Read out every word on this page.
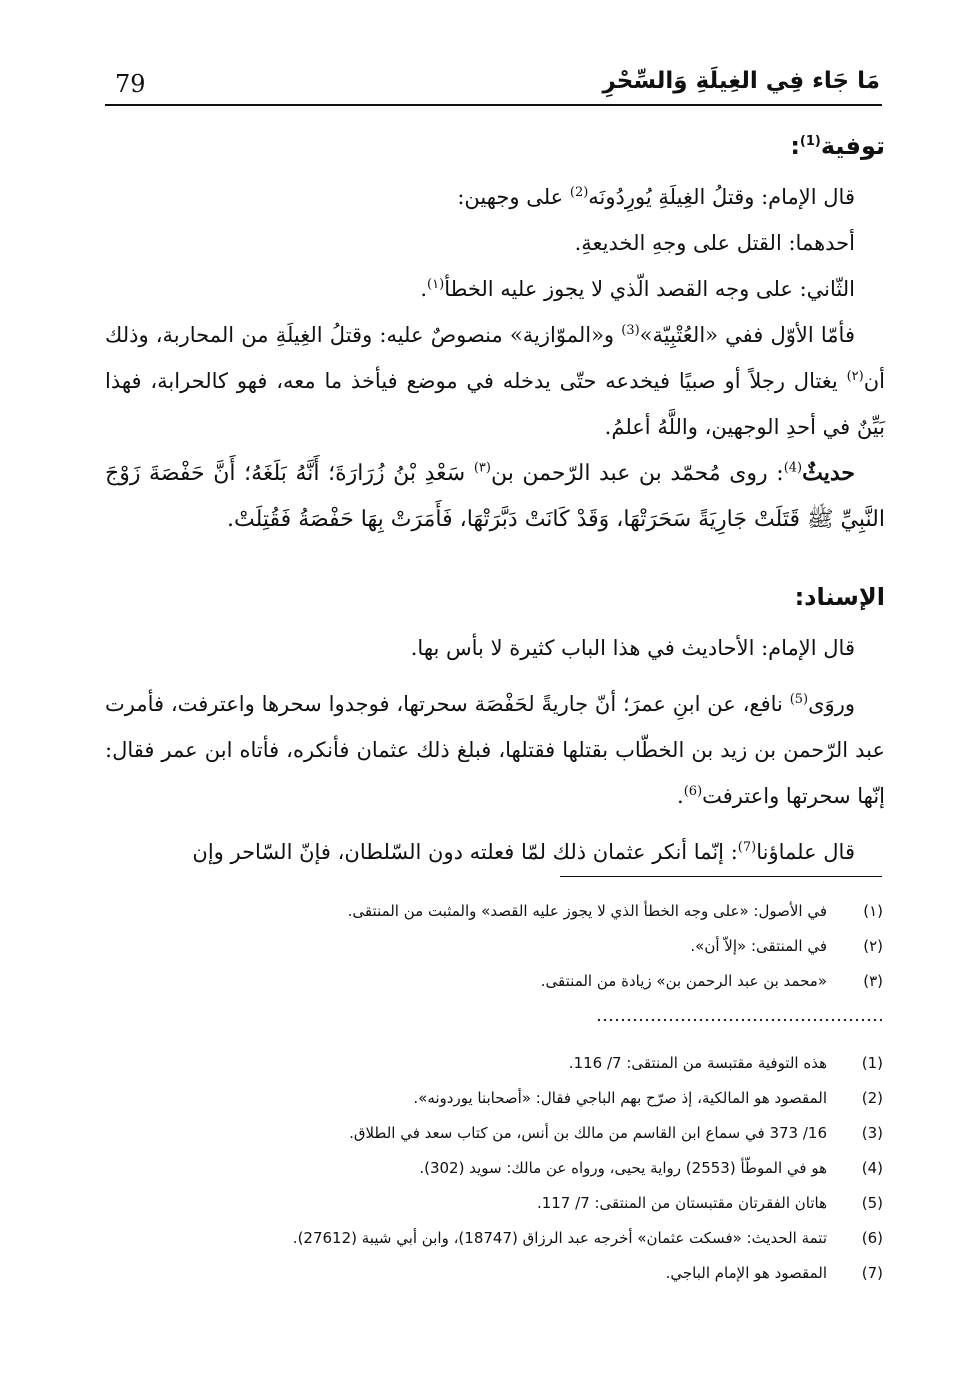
79	مَا جَاء فِي الغِيلَةِ وَالسِّحْرِ
توفية$^{(1)}$:

قال الإمام: وقتلُ الغِيلَةِ يُورِدُونَه$^{(2)}$ على وجهين:

أحدهما: القتل على وجهِ الخديعةِ.

الثّاني: على وجه القصد الّذي لا يجوز عليه الخطأ$^{(١)}$.

فأمّا الأوّل ففي «العُتْبِيّة»$^{(3)}$ و«الموّازية» منصوصٌ عليه: وقتلُ الغِيلَةِ من المحاربة، وذلك أن$^{(٢)}$ يغتال رجلاً أو صبيًا فيخدعه حتّى يدخله في موضع فيأخذ ما معه، فهو كالحرابة، فهذا بَيِّنٌ في أحدِ الوجهين، واللَّهُ أعلمُ.

حديثٌ$^{(4)}$: روى مُحمّد بن عبد الرّحمن بن$^{(٣)}$ سَعْدِ بْنُ زُرَارَةَ؛ أَنَّهُ بَلَغَهُ؛ أَنَّ حَفْصَةَ زَوْجَ النَّبِيِّ ﷺ قَتَلَتْ جَارِيَةً سَحَرَتْهَا، وَقَدْ كَانَتْ دَبَّرَتْهَا، فَأَمَرَتْ بِهَا حَفْصَةُ فَقُتِلَتْ.

الإسناد:

قال الإمام: الأحاديث في هذا الباب كثيرة لا بأس بها.

وروَى$^{(5)}$ نافع، عن ابنِ عمرَ؛ أنّ جاريةً لحَفْصَة سحرتها، فوجدوا سحرها واعترفت، فأمرت عبد الرّحمن بن زيد بن الخطّاب بقتلها فقتلها، فبلغ ذلك عثمان فأنكره، فأتاه ابن عمر فقال: إنّها سحرتها واعترفت$^{(6)}$.

قال علماؤنا$^{(7)}$: إنّما أنكر عثمان ذلك لمّا فعلته دون السّلطان، فإنّ السّاحر وإن

(١)في الأصول: «على وجه الخطأ الذي لا يجوز عليه القصد» والمثبت من المنتقى.
(٢)في المنتقى: «إلاّ أن».
(٣)«محمد بن عبد الرحمن بن» زيادة من المنتقى.
(1)هذه التوفية مقتبسة من المنتقى: 7/ 116.
(2)المقصود هو المالكية، إذ صرّح بهم الباجي فقال: «أصحابنا يوردونه».
(3)16/ 373 في سماع ابن القاسم من مالك بن أنس، من كتاب سعد في الطلاق.
(4)هو في الموطّأ (2553) رواية يحيى، ورواه عن مالك: سويد (302).
(5)هاتان الفقرتان مقتبستان من المنتقى: 7/ 117.
(6)تتمة الحديث: «فسكت عثمان» أخرجه عبد الرزاق (18747)، وابن أبي شيبة (27612).
(7)المقصود هو الإمام الباجي.
